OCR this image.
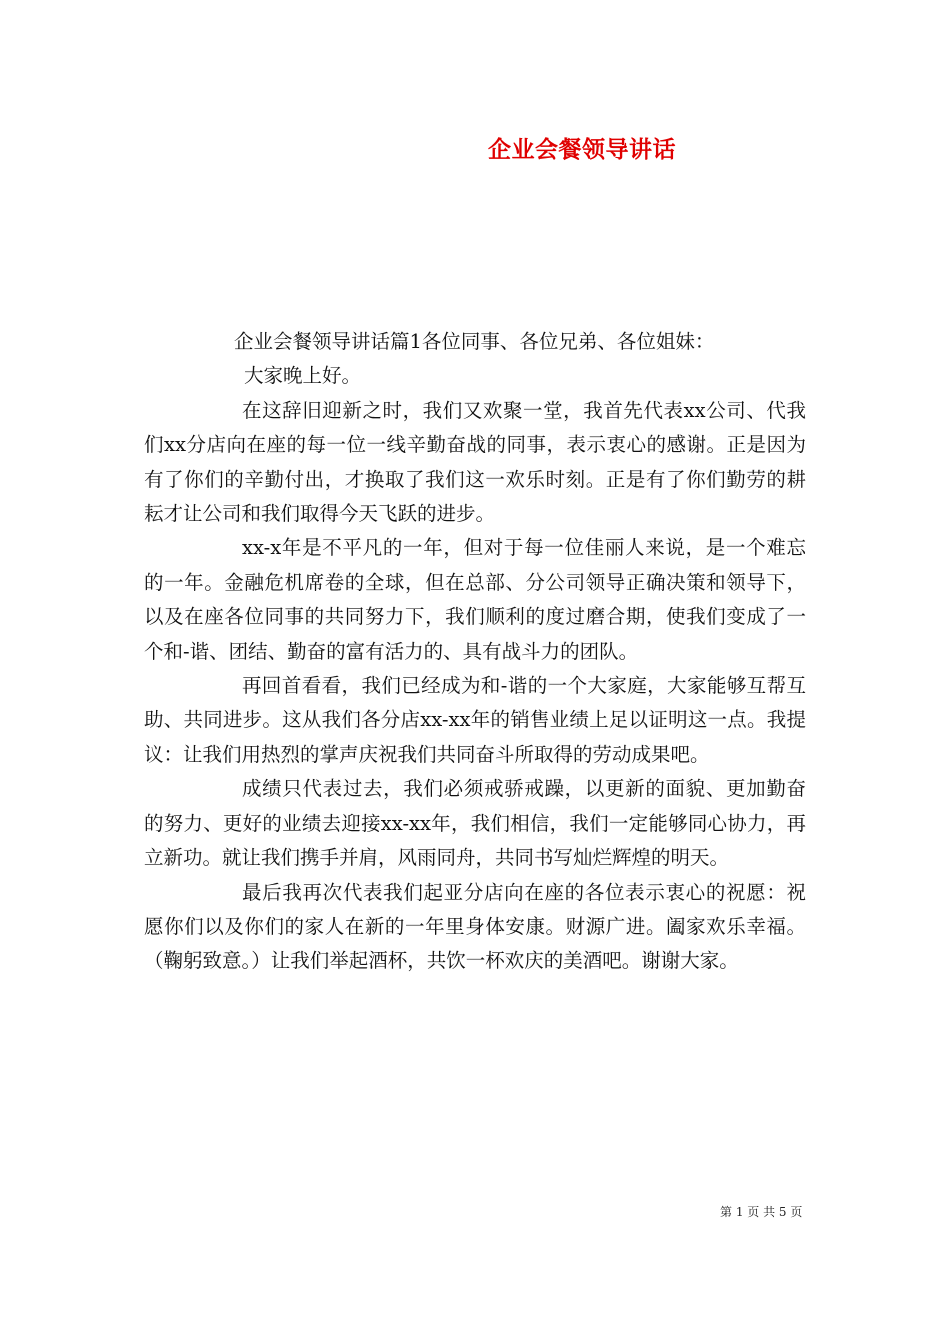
企业会餐领导讲话

企业会餐领导讲话篇1各位同事、各位兄弟、各位姐妹：

大家晚上好。

在这辞旧迎新之时，我们又欢聚一堂，我首先代表xx公司、代我们xx分店向在座的每一位一线辛勤奋战的同事，表示衷心的感谢。正是因为有了你们的辛勤付出，才换取了我们这一欢乐时刻。正是有了你们勤劳的耕耘才让公司和我们取得今天飞跃的进步。

xx-x年是不平凡的一年，但对于每一位佳丽人来说，是一个难忘的一年。金融危机席卷的全球，但在总部、分公司领导正确决策和领导下，以及在座各位同事的共同努力下，我们顺利的度过磨合期，使我们变成了一个和-谐、团结、勤奋的富有活力的、具有战斗力的团队。

再回首看看，我们已经成为和-谐的一个大家庭，大家能够互帮互助、共同进步。这从我们各分店xx-xx年的销售业绩上足以证明这一点。我提议：让我们用热烈的掌声庆祝我们共同奋斗所取得的劳动成果吧。

成绩只代表过去，我们必须戒骄戒躁，以更新的面貌、更加勤奋的努力、更好的业绩去迎接xx-xx年，我们相信，我们一定能够同心协力，再立新功。就让我们携手并肩，风雨同舟，共同书写灿烂辉煌的明天。

最后我再次代表我们起亚分店向在座的各位表示衷心的祝愿：祝愿你们以及你们的家人在新的一年里身体安康。财源广进。阖家欢乐幸福。（鞠躬致意。）让我们举起酒杯，共饮一杯欢庆的美酒吧。谢谢大家。

第 1 页 共 5 页
